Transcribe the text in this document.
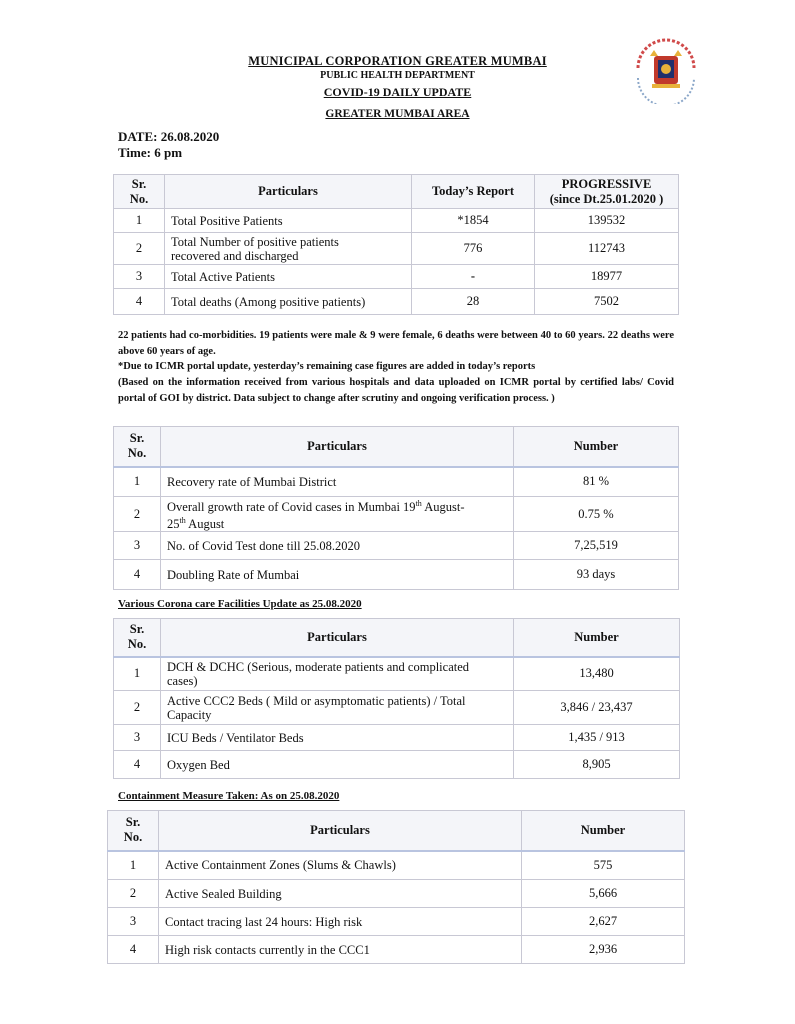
MUNICIPAL CORPORATION GREATER MUMBAI
PUBLIC HEALTH DEPARTMENT
COVID-19 DAILY UPDATE
GREATER MUMBAI AREA
DATE: 26.08.2020
Time: 6 pm
Sr.
No.	Particulars	Today’s Report	PROGRESSIVE
(since Dt.25.01.2020 )
1	Total Positive Patients	*1854	139532
2	Total Number of positive patients
recovered and discharged	776	112743
3	Total Active Patients	-	18977
4	Total deaths (Among positive patients)	28	7502
22 patients had co-morbidities. 19 patients were male & 9 were female, 6 deaths were between 40 to 60 years. 22 deaths were above 60 years of age.
*Due to ICMR portal update, yesterday’s remaining case figures are added in today’s reports
(Based on the information received from various hospitals and data uploaded on ICMR portal by certified labs/ Covid portal of GOI by district. Data subject to change after scrutiny and ongoing verification process. )
Sr.
No.	Particulars	Number
1	Recovery rate of Mumbai District	81 %
2	Overall growth rate of Covid cases in Mumbai 19th August-
25th August	0.75 %
3	No. of Covid Test done till 25.08.2020	7,25,519
4	Doubling Rate of Mumbai	93 days
Various Corona care Facilities Update as 25.08.2020
Sr.
No.	Particulars	Number
1	DCH & DCHC (Serious, moderate patients and complicated
cases)	13,480
2	Active CCC2 Beds ( Mild or asymptomatic patients) / Total
Capacity	3,846 / 23,437
3	ICU Beds / Ventilator Beds	1,435 / 913
4	Oxygen Bed	8,905
Containment Measure Taken: As on 25.08.2020
Sr.
No.	Particulars	Number
1	Active Containment Zones (Slums & Chawls)	575
2	Active Sealed Building	5,666
3	Contact tracing last 24 hours: High risk	2,627
4	High risk contacts currently in the CCC1	2,936
